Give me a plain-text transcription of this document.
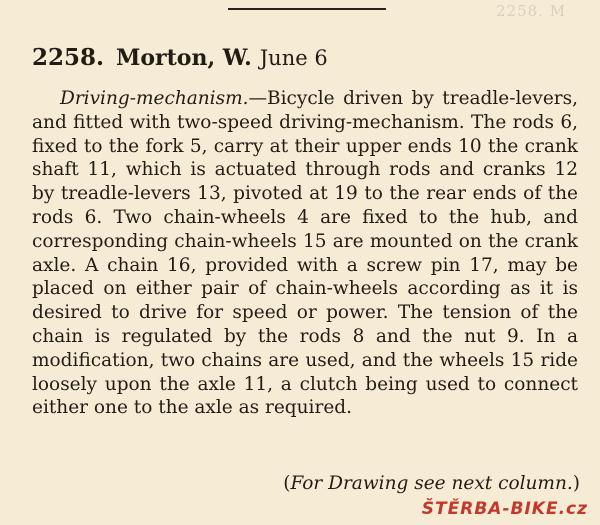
2258. M
2258. Morton, W. June 6

Driving-mechanism.—Bicycle driven by treadle-levers, and fitted with two-speed driving-mechanism. The rods 6, fixed to the fork 5, carry at their upper ends 10 the crank shaft 11, which is actuated through rods and cranks 12 by treadle-levers 13, pivoted at 19 to the rear ends of the rods 6. Two chain-wheels 4 are fixed to the hub, and corresponding chain-wheels 15 are mounted on the crank axle. A chain 16, provided with a screw pin 17, may be placed on either pair of chain-wheels according as it is desired to drive for speed or power. The tension of the chain is regulated by the rods 8 and the nut 9. In a modification, two chains are used, and the wheels 15 ride loosely upon the axle 11, a clutch being used to connect either one to the axle as required.

(For Drawing see next column.)
ŠTĚRBA-BIKE.cz
